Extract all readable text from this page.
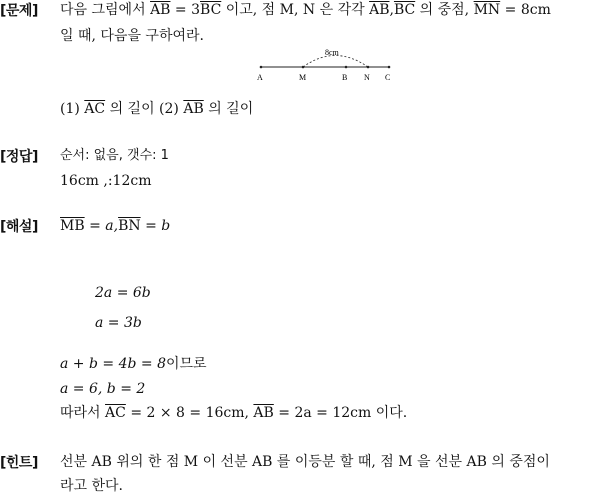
[문제] 다음 그림에서 $\overline{AB} = 3\overline{BC}$ 이고, 점 M, N 은 각각 $\overline{AB},\overline{BC}$ 의 중점, $\overline{MN} = 8cm$
일 때, 다음을 구하여라.
8cm
A	M	B N C
(1) $\overline{AC}$ 의 길이 (2) $\overline{AB}$ 의 길이
[정답] 순서: 없음, 갯수: 1
16cm ,:12cm
[해설] $\overline{MB} = a,\overline{BN} = b$
2a = 6b
a = 3b
a + b = 4b = 8이므로
a = 6, b = 2
따라서 $\overline{AC} = 2 \times 8 = 16cm$, $\overline{AB} = 2a = 12cm$ 이다.
[힌트] 선분 AB 위의 한 점 M 이 선분 AB 를 이등분 할 때, 점 M 을 선분 AB 의 중점이
라고 한다.
